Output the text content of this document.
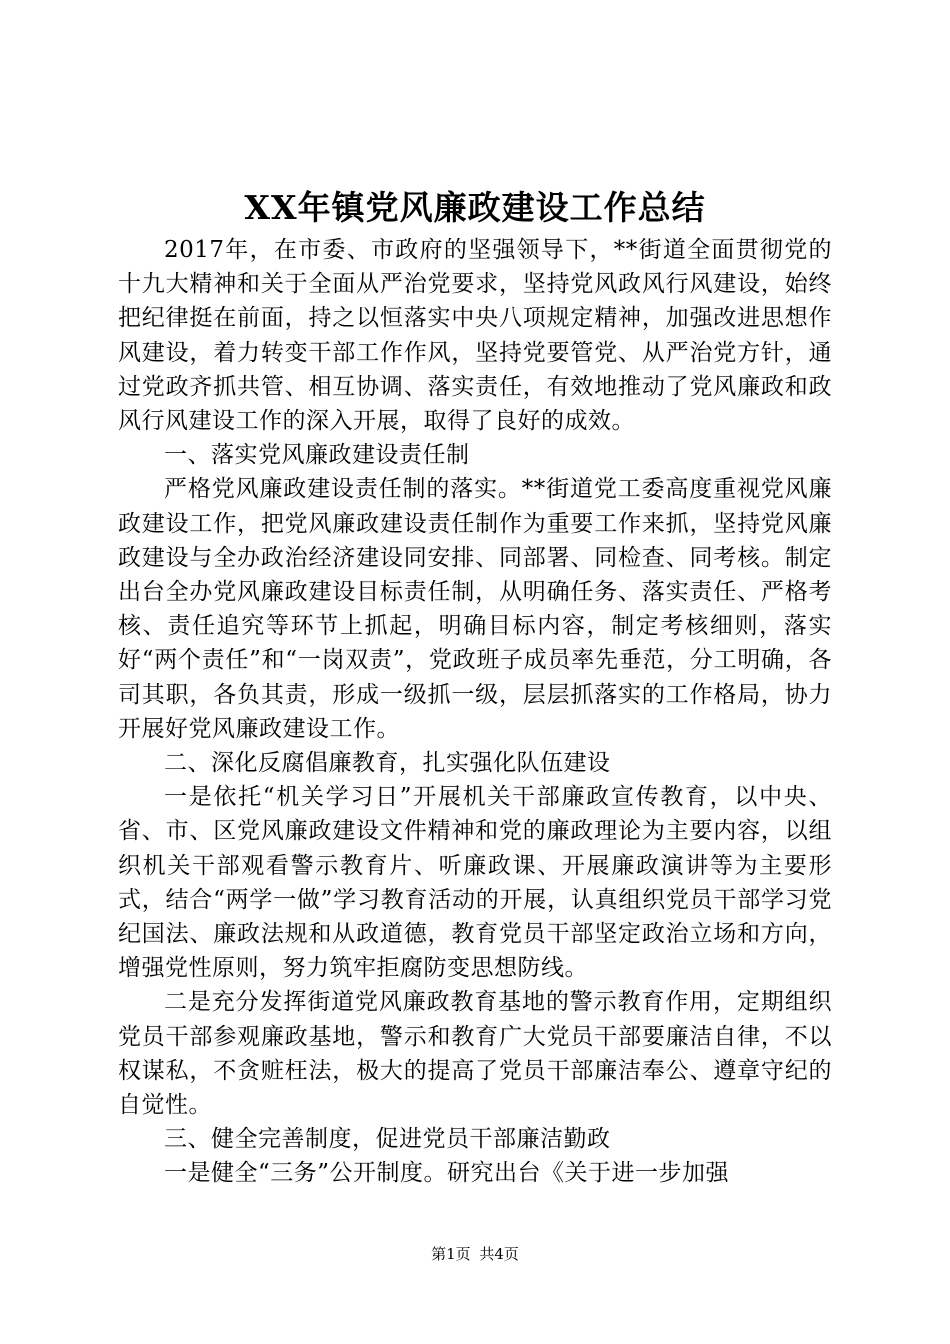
XX年镇党风廉政建设工作总结

2017年，在市委、市政府的坚强领导下，**街道全面贯彻党的十九大精神和关于全面从严治党要求，坚持党风政风行风建设，始终把纪律挺在前面，持之以恒落实中央八项规定精神，加强改进思想作风建设，着力转变干部工作作风，坚持党要管党、从严治党方针，通过党政齐抓共管、相互协调、落实责任，有效地推动了党风廉政和政风行风建设工作的深入开展，取得了良好的成效。

一、落实党风廉政建设责任制

严格党风廉政建设责任制的落实。**街道党工委高度重视党风廉政建设工作，把党风廉政建设责任制作为重要工作来抓，坚持党风廉政建设与全办政治经济建设同安排、同部署、同检查、同考核。制定出台全办党风廉政建设目标责任制，从明确任务、落实责任、严格考核、责任追究等环节上抓起，明确目标内容，制定考核细则，落实好“两个责任”和“一岗双责”，党政班子成员率先垂范，分工明确，各司其职，各负其责，形成一级抓一级，层层抓落实的工作格局，协力开展好党风廉政建设工作。

二、深化反腐倡廉教育，扎实强化队伍建设

一是依托“机关学习日”开展机关干部廉政宣传教育，以中央、省、市、区党风廉政建设文件精神和党的廉政理论为主要内容，以组织机关干部观看警示教育片、听廉政课、开展廉政演讲等为主要形式，结合“两学一做”学习教育活动的开展，认真组织党员干部学习党纪国法、廉政法规和从政道德，教育党员干部坚定政治立场和方向，增强党性原则，努力筑牢拒腐防变思想防线。

二是充分发挥街道党风廉政教育基地的警示教育作用，定期组织党员干部参观廉政基地，警示和教育广大党员干部要廉洁自律，不以权谋私，不贪赃枉法，极大的提高了党员干部廉洁奉公、遵章守纪的自觉性。

三、健全完善制度，促进党员干部廉洁勤政

一是健全“三务”公开制度。研究出台《关于进一步加强

第1页 共4页
